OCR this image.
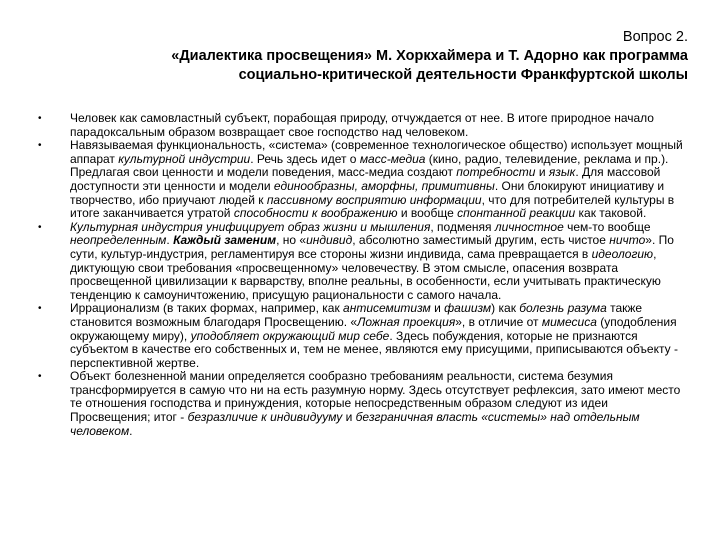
Вопрос 2.
«Диалектика просвещения» М. Хоркхаймера и Т. Адорно как программа
социально-критической деятельности Франкфуртской школы
•	Человек как самовластный субъект, порабощая природу, отчуждается от нее. В итоге природное начало парадоксальным образом возвращает свое господство над человеком.
•	Навязываемая функциональность, «система» (современное технологическое общество) использует мощный аппарат культурной индустрии. Речь здесь идет о масс-медиа (кино, радио, телевидение, реклама и пр.). Предлагая свои ценности и модели поведения, масс-медиа создают потребности и язык. Для массовой доступности эти ценности и модели единообразны, аморфны, примитивны. Они блокируют инициативу и творчество, ибо приучают людей к пассивному восприятию информации, что для потребителей культуры в итоге заканчивается утратой способности к воображению и вообще спонтанной реакции как таковой.
•	Культурная индустрия унифицирует образ жизни и мышления, подменяя личностное чем-то вообще неопределенным. Каждый заменим, но «индивид, абсолютно заместимый другим, есть чистое ничто». По сути, культур-индустрия, регламентируя все стороны жизни индивида, сама превращается в идеологию, диктующую свои требования «просвещенному» человечеству. В этом смысле, опасения возврата просвещенной цивилизации к варварству, вполне реальны, в особенности, если учитывать практическую тенденцию к самоуничтожению, присущую рациональности с самого начала.
•	Иррационализм (в таких формах, например, как антисемитизм и фашизм) как болезнь разума также становится возможным благодаря Просвещению. «Ложная проекция», в отличие от мимесиса (уподобления окружающему миру), уподобляет окружающий мир себе. Здесь побуждения, которые не признаются субъектом в качестве его собственных и, тем не менее, являются ему присущими, приписываются объекту - перспективной жертве.
•	Объект болезненной мании определяется сообразно требованиям реальности, система безумия трансформируется в самую что ни на есть разумную норму. Здесь отсутствует рефлексия, зато имеют место те отношения господства и принуждения, которые непосредственным образом следуют из идеи Просвещения; итог - безразличие к индивидууму и безграничная власть «системы» над отдельным человеком.
